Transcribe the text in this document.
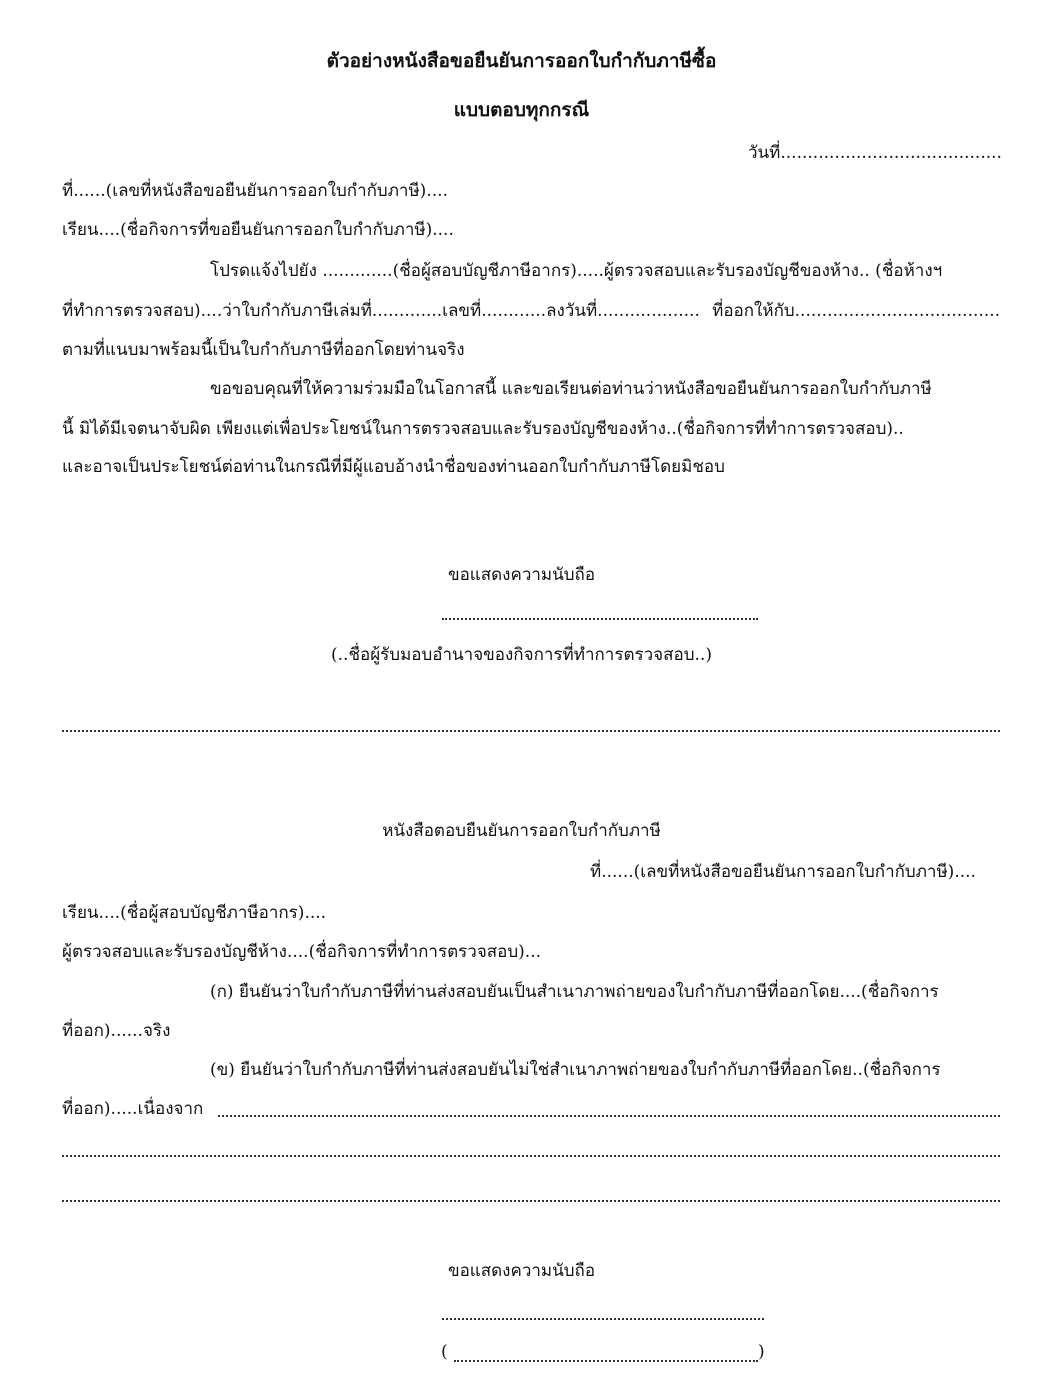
ตัวอย่างหนังสือขอยืนยันการออกใบกำกับภาษีซื้อ
แบบตอบทุกกรณี
วันที่.........................................
ที่......(เลขที่หนังสือขอยืนยันการออกใบกำกับภาษี)....
เรียน....(ชื่อกิจการที่ขอยืนยันการออกใบกำกับภาษี)....
โปรดแจ้งไปยัง .............(ชื่อผู้สอบบัญชีภาษีอากร).....ผู้ตรวจสอบและรับรองบัญชีของห้าง.. (ชื่อห้างฯ
ที่ทำการตรวจสอบ)....ว่าใบกำกับภาษีเล่มที่.............เลขที่............ลงวันที่................... ที่ออกให้กับ......................................
ตามที่แนบมาพร้อมนี้เป็นใบกำกับภาษีที่ออกโดยท่านจริง
ขอขอบคุณที่ให้ความร่วมมือในโอกาสนี้ และขอเรียนต่อท่านว่าหนังสือขอยืนยันการออกใบกำกับภาษี
นี้ มิได้มีเจตนาจับผิด เพียงแต่เพื่อประโยชน์ในการตรวจสอบและรับรองบัญชีของห้าง..(ชื่อกิจการที่ทำการตรวจสอบ)..
และอาจเป็นประโยชน์ต่อท่านในกรณีที่มีผู้แอบอ้างนำชื่อของท่านออกใบกำกับภาษีโดยมิชอบ
ขอแสดงความนับถือ
(..ชื่อผู้รับมอบอำนาจของกิจการที่ทำการตรวจสอบ..)
หนังสือตอบยืนยันการออกใบกำกับภาษี
ที่......(เลขที่หนังสือขอยืนยันการออกใบกำกับภาษี)....
เรียน....(ชื่อผู้สอบบัญชีภาษีอากร)....
ผู้ตรวจสอบและรับรองบัญชีห้าง....(ชื่อกิจการที่ทำการตรวจสอบ)...
(ก) ยืนยันว่าใบกำกับภาษีที่ท่านส่งสอบยันเป็นสำเนาภาพถ่ายของใบกำกับภาษีที่ออกโดย....(ชื่อกิจการ
ที่ออก)......จริง
(ข) ยืนยันว่าใบกำกับภาษีที่ท่านส่งสอบยันไม่ใช่สำเนาภาพถ่ายของใบกำกับภาษีที่ออกโดย..(ชื่อกิจการ
ที่ออก).....เนื่องจาก
ขอแสดงความนับถือ
(	)
